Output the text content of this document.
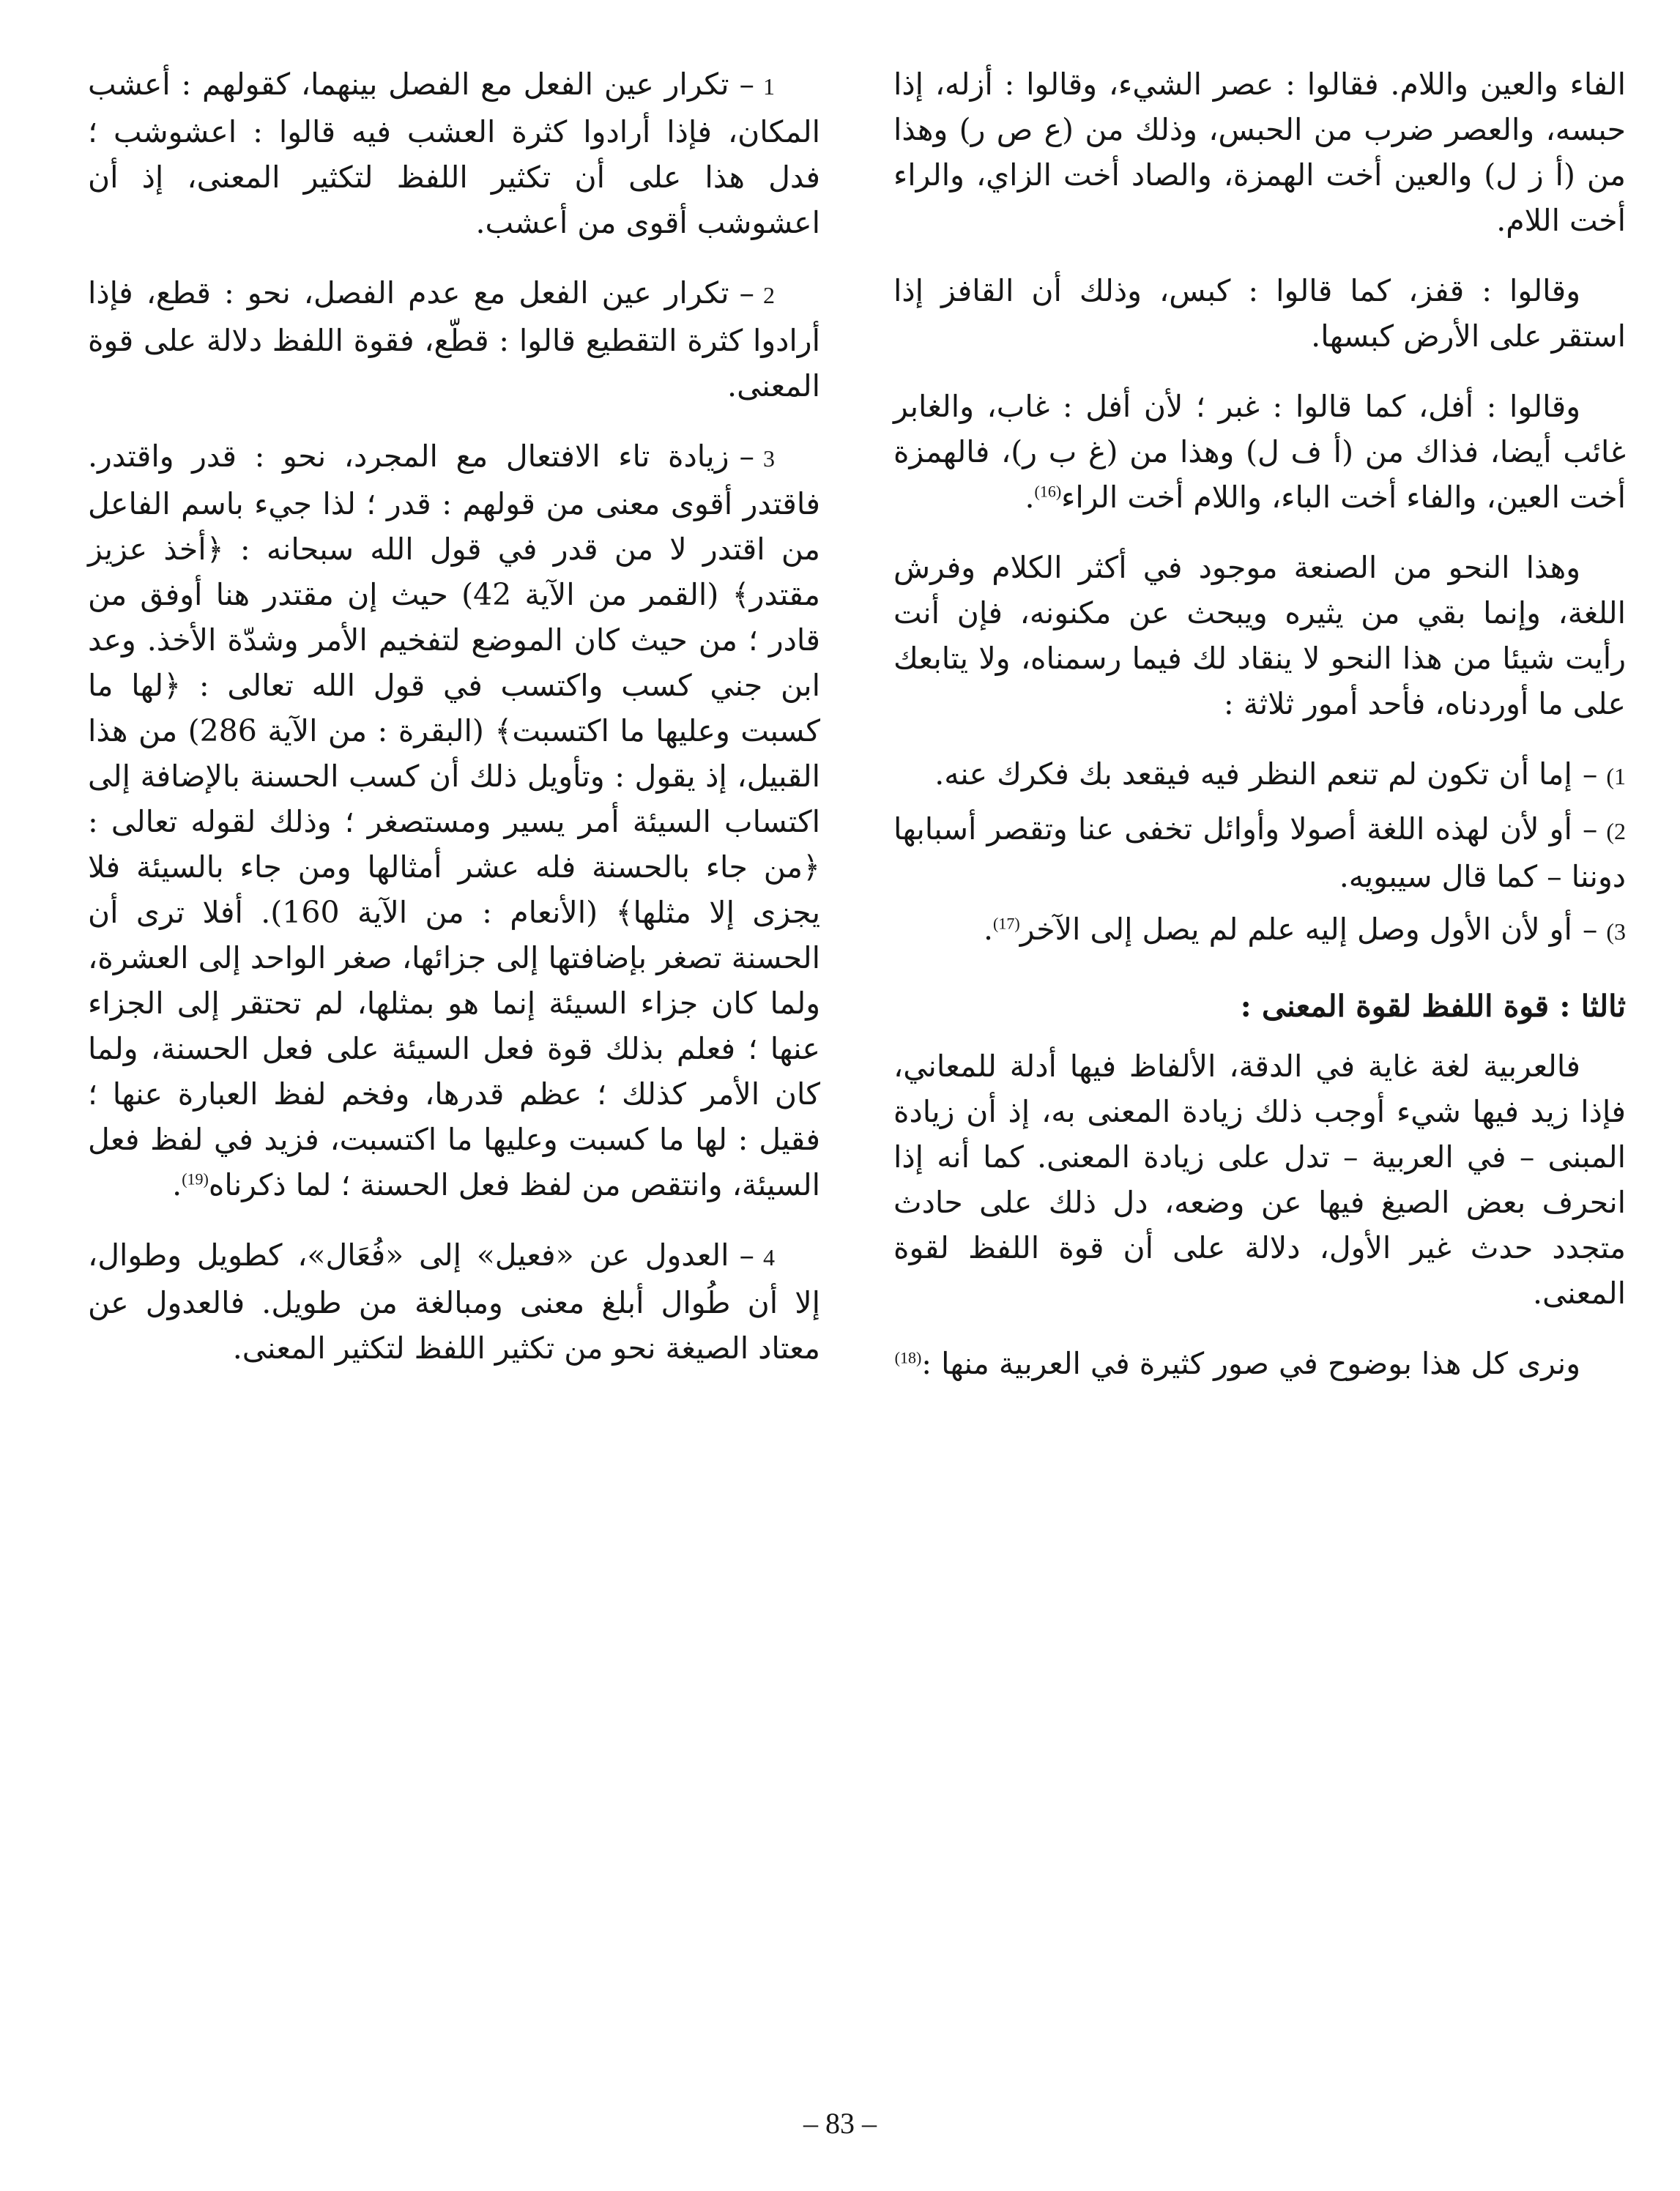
الفاء والعين واللام. فقالوا : عصر الشيء، وقالوا : أزله، إذا حبسه، والعصر ضرب من الحبس، وذلك من (ع ص ر) وهذا من (أ ز ل) والعين أخت الهمزة، والصاد أخت الزاي، والراء أخت اللام.

وقالوا : قفز، كما قالوا : كبس، وذلك أن القافز إذا استقر على الأرض كبسها.

وقالوا : أفل، كما قالوا : غبر ؛ لأن أفل : غاب، والغابر غائب أيضا، فذاك من (أ ف ل) وهذا من (غ ب ر)، فالهمزة أخت العين، والفاء أخت الباء، واللام أخت الراء$^{(16)}$.

وهذا النحو من الصنعة موجود في أكثر الكلام وفرش اللغة، وإنما بقي من يثيره ويبحث عن مكنونه، فإن أنت رأيت شيئا من هذا النحو لا ينقاد لك فيما رسمناه، ولا يتابعك على ما أوردناه، فأحد أمور ثلاثة :

1)–إما أن تكون لم تنعم النظر فيه فيقعد بك فكرك عنه.

2)–أو لأن لهذه اللغة أصولا وأوائل تخفى عنا وتقصر أسبابها دوننا – كما قال سيبويه.

3)–أو لأن الأول وصل إليه علم لم يصل إلى الآخر$^{(17)}$.

ثالثا : قوة اللفظ لقوة المعنى :

فالعربية لغة غاية في الدقة، الألفاظ فيها أدلة للمعاني، فإذا زيد فيها شيء أوجب ذلك زيادة المعنى به، إذ أن زيادة المبنى – في العربية – تدل على زيادة المعنى. كما أنه إذا انحرف بعض الصيغ فيها عن وضعه، دل ذلك على حادث متجدد حدث غير الأول، دلالة على أن قوة اللفظ لقوة المعنى.

ونرى كل هذا بوضوح في صور كثيرة في العربية منها :$^{(18)}$

1–تكرار عين الفعل مع الفصل بينهما، كقولهم : أعشب المكان، فإذا أرادوا كثرة العشب فيه قالوا : اعشوشب ؛ فدل هذا على أن تكثير اللفظ لتكثير المعنى، إذ أن اعشوشب أقوى من أعشب.

2–تكرار عين الفعل مع عدم الفصل، نحو : قطع، فإذا أرادوا كثرة التقطيع قالوا : قطّع، فقوة اللفظ دلالة على قوة المعنى.

3–زيادة تاء الافتعال مع المجرد، نحو : قدر واقتدر. فاقتدر أقوى معنى من قولهم : قدر ؛ لذا جيء باسم الفاعل من اقتدر لا من قدر في قول الله سبحانه : ﴿أخذ عزيز مقتدر﴾ (القمر من الآية 42) حيث إن مقتدر هنا أوفق من قادر ؛ من حيث كان الموضع لتفخيم الأمر وشدّة الأخذ. وعد ابن جني كسب واكتسب في قول الله تعالى : ﴿لها ما كسبت وعليها ما اكتسبت﴾ (البقرة : من الآية 286) من هذا القبيل، إذ يقول : وتأويل ذلك أن كسب الحسنة بالإضافة إلى اكتساب السيئة أمر يسير ومستصغر ؛ وذلك لقوله تعالى : ﴿من جاء بالحسنة فله عشر أمثالها ومن جاء بالسيئة فلا يجزى إلا مثلها﴾ (الأنعام : من الآية 160). أفلا ترى أن الحسنة تصغر بإضافتها إلى جزائها، صغر الواحد إلى العشرة، ولما كان جزاء السيئة إنما هو بمثلها، لم تحتقر إلى الجزاء عنها ؛ فعلم بذلك قوة فعل السيئة على فعل الحسنة، ولما كان الأمر كذلك ؛ عظم قدرها، وفخم لفظ العبارة عنها ؛ فقيل : لها ما كسبت وعليها ما اكتسبت، فزيد في لفظ فعل السيئة، وانتقص من لفظ فعل الحسنة ؛ لما ذكرناه$^{(19)}$.

4–العدول عن «فعيل» إلى «فُعَال»، كطويل وطوال، إلا أن طُوال أبلغ معنى ومبالغة من طويل. فالعدول عن معتاد الصيغة نحو من تكثير اللفظ لتكثير المعنى.

– 83 –
